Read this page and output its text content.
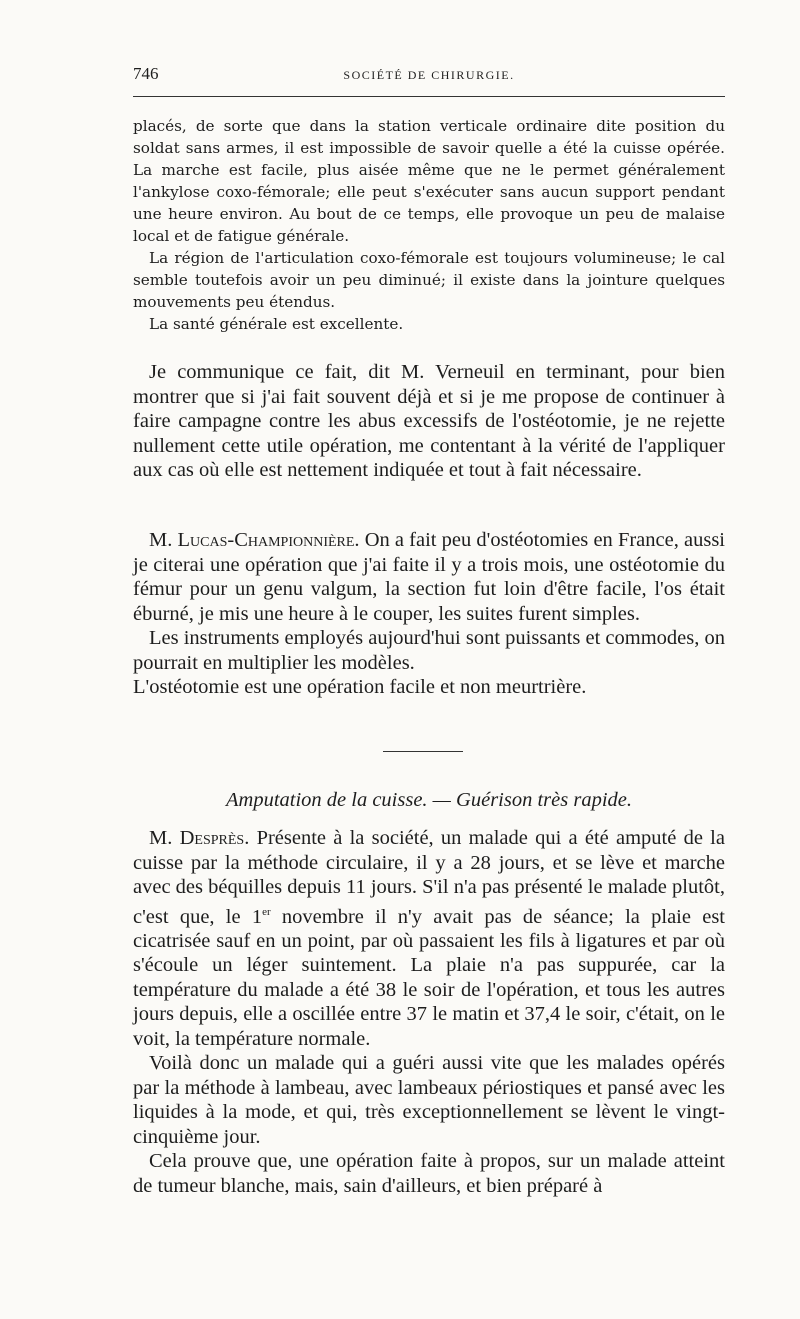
746	SOCIÉTÉ DE CHIRURGIE.

placés, de sorte que dans la station verticale ordinaire dite position du soldat sans armes, il est impossible de savoir quelle a été la cuisse opérée. La marche est facile, plus aisée même que ne le permet généralement l'ankylose coxo-fémorale; elle peut s'exécuter sans aucun support pendant une heure environ. Au bout de ce temps, elle provoque un peu de malaise local et de fatigue générale.

La région de l'articulation coxo-fémorale est toujours volumineuse; le cal semble toutefois avoir un peu diminué; il existe dans la jointure quelques mouvements peu étendus.

La santé générale est excellente.

Je communique ce fait, dit M. Verneuil en terminant, pour bien montrer que si j'ai fait souvent déjà et si je me propose de continuer à faire campagne contre les abus excessifs de l'ostéotomie, je ne rejette nullement cette utile opération, me contentant à la vérité de l'appliquer aux cas où elle est nettement indiquée et tout à fait nécessaire.

M. Lucas-Championnière. On a fait peu d'ostéotomies en France, aussi je citerai une opération que j'ai faite il y a trois mois, une ostéotomie du fémur pour un genu valgum, la section fut loin d'être facile, l'os était éburné, je mis une heure à le couper, les suites furent simples.

Les instruments employés aujourd'hui sont puissants et commodes, on pourrait en multiplier les modèles.

L'ostéotomie est une opération facile et non meurtrière.

Amputation de la cuisse. — Guérison très rapide.

M. Desprès. Présente à la société, un malade qui a été amputé de la cuisse par la méthode circulaire, il y a 28 jours, et se lève et marche avec des béquilles depuis 11 jours. S'il n'a pas présenté le malade plutôt, c'est que, le 1er novembre il n'y avait pas de séance; la plaie est cicatrisée sauf en un point, par où passaient les fils à ligatures et par où s'écoule un léger suintement. La plaie n'a pas suppurée, car la température du malade a été 38 le soir de l'opération, et tous les autres jours depuis, elle a oscillée entre 37 le matin et 37,4 le soir, c'était, on le voit, la température normale.

Voilà donc un malade qui a guéri aussi vite que les malades opérés par la méthode à lambeau, avec lambeaux périostiques et pansé avec les liquides à la mode, et qui, très exceptionnellement se lèvent le vingt-cinquième jour.

Cela prouve que, une opération faite à propos, sur un malade atteint de tumeur blanche, mais, sain d'ailleurs, et bien préparé à
